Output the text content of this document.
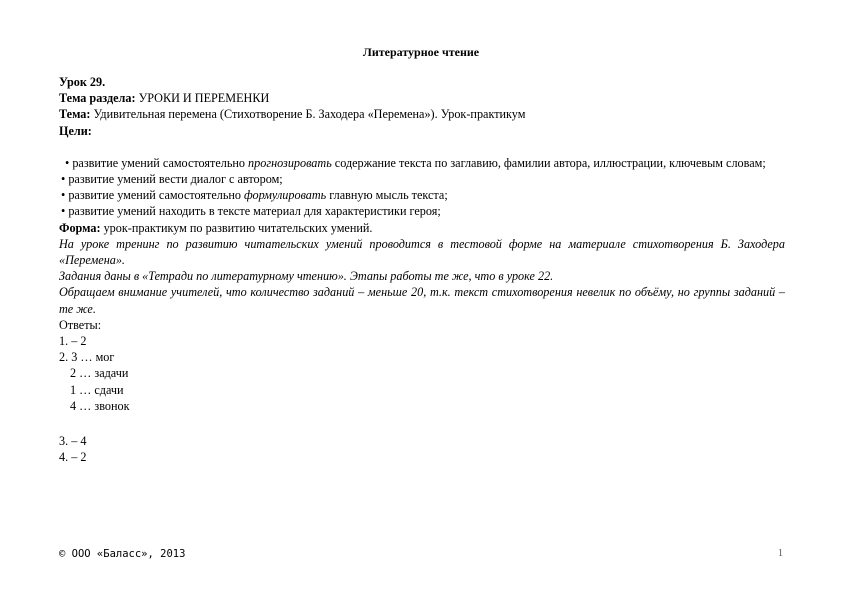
Литературное чтение
Урок 29.
Тема раздела: УРОКИ И ПЕРЕМЕНКИ
Тема: Удивительная перемена (Стихотворение Б. Заходера «Перемена»). Урок-практикум
Цели:
• развитие умений самостоятельно прогнозировать содержание текста по заглавию, фамилии автора, иллюстрации, ключевым словам;
• развитие умений вести диалог с автором;
• развитие умений самостоятельно формулировать главную мысль текста;
• развитие умений находить в тексте материал для характеристики героя;
Форма: урок-практикум по развитию читательских умений.
На уроке тренинг по развитию читательских умений проводится в тестовой форме на материале стихотворения Б. Заходера «Перемена».
Задания даны в «Тетради по литературному чтению». Этапы работы те же, что в уроке 22.
Обращаем внимание учителей, что количество заданий – меньше 20, т.к. текст стихотворения невелик по объёму, но группы заданий – те же.
Ответы:
1. – 2
2. 3 … мог
2 … задачи
1 … сдачи
4 … звонок
3. – 4
4. – 2
© ООО «Баласс», 2013	1
